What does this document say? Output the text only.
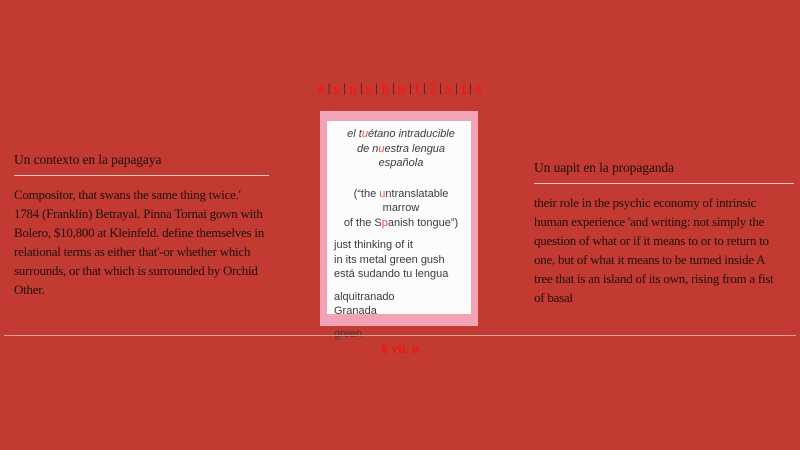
ø | c | u | c | h | u | t | 7 | x | t | o
Un contexto en la papagaya
Compositor, that swans the same thing twice.'
1784 (Franklin) Betrayal. Pinna Tornai gown with
Bolero, $10,800 at Kleinfeld. define themselves in
relational terms as either that'-or whether which
surrounds, or that which is surrounded by Orchid
Other.

el tuétano intraducible
de nuestra lengua española

(“the untranslatable marrow
of the Spanish tongue”)

just thinking of it
in its metal green gush
está sudando tu lengua

alquitranado
Granada

green

Un uapit en la propaganda
their role in the psychic economy of intrinsic
human experience 'and writing: not simply the
question of what or if it means to or to return to
one, but of what it means to be turned inside A
tree that is an island of its own, rising from a fist
of basal
§ vii. ø
